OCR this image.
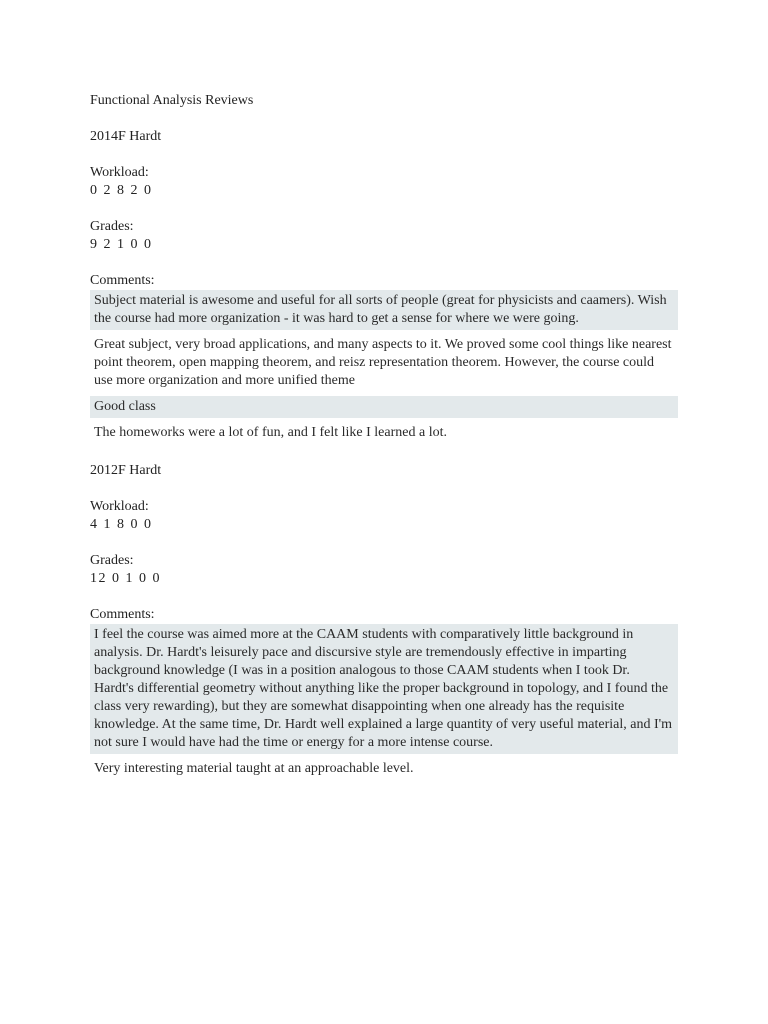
Functional Analysis Reviews

2014F Hardt

Workload:

0 2 8 2 0

Grades:

9 2 1 0 0

Comments:

Subject material is awesome and useful for all sorts of people (great for physicists and caamers). Wish the course had more organization - it was hard to get a sense for where we were going.
Great subject, very broad applications, and many aspects to it. We proved some cool things like nearest point theorem, open mapping theorem, and reisz representation theorem. However, the course could use more organization and more unified theme
Good class
The homeworks were a lot of fun, and I felt like I learned a lot.

2012F Hardt

Workload:

4 1 8 0 0

Grades:

12 0 1 0 0

Comments:

I feel the course was aimed more at the CAAM students with comparatively little background in analysis. Dr. Hardt's leisurely pace and discursive style are tremendously effective in imparting background knowledge (I was in a position analogous to those CAAM students when I took Dr. Hardt's differential geometry without anything like the proper background in topology, and I found the class very rewarding), but they are somewhat disappointing when one already has the requisite knowledge. At the same time, Dr. Hardt well explained a large quantity of very useful material, and I'm not sure I would have had the time or energy for a more intense course.
Very interesting material taught at an approachable level.
